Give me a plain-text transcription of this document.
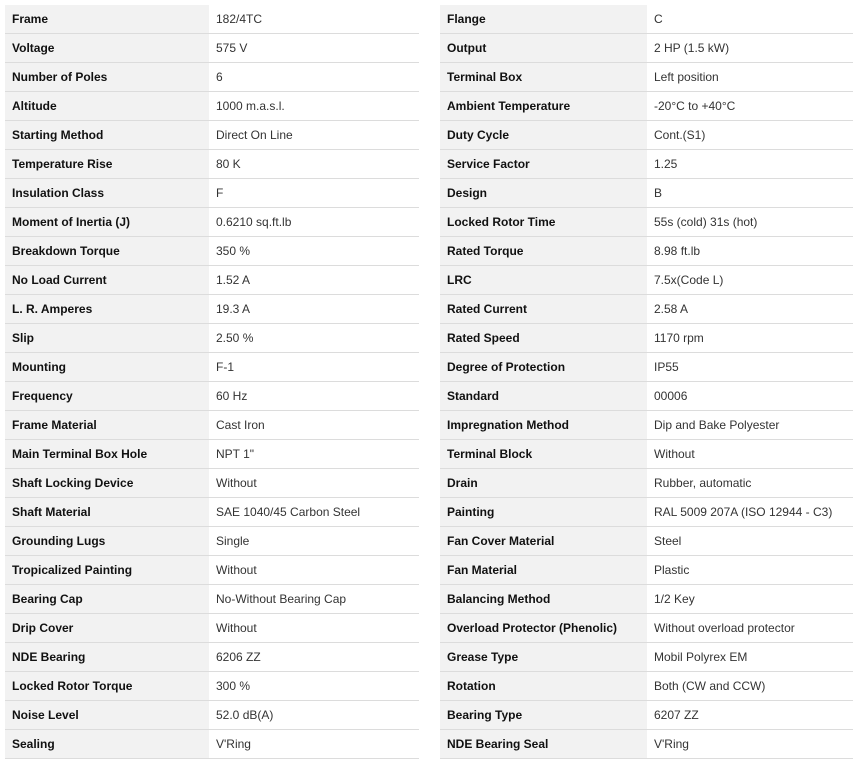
Frame	182/4TC
Voltage	575 V
Number of Poles	6
Altitude	1000 m.a.s.l.
Starting Method	Direct On Line
Temperature Rise	80 K
Insulation Class	F
Moment of Inertia (J)	0.6210 sq.ft.lb
Breakdown Torque	350 %
No Load Current	1.52 A
L. R. Amperes	19.3 A
Slip	2.50 %
Mounting	F-1
Frequency	60 Hz
Frame Material	Cast Iron
Main Terminal Box Hole	NPT 1"
Shaft Locking Device	Without
Shaft Material	SAE 1040/45 Carbon Steel
Grounding Lugs	Single
Tropicalized Painting	Without
Bearing Cap	No-Without Bearing Cap
Drip Cover	Without
NDE Bearing	6206 ZZ
Locked Rotor Torque	300 %
Noise Level	52.0 dB(A)
Sealing	V'Ring
Flange	C
Output	2 HP (1.5 kW)
Terminal Box	Left position
Ambient Temperature	-20°C to +40°C
Duty Cycle	Cont.(S1)
Service Factor	1.25
Design	B
Locked Rotor Time	55s (cold) 31s (hot)
Rated Torque	8.98 ft.lb
LRC	7.5x(Code L)
Rated Current	2.58 A
Rated Speed	1170 rpm
Degree of Protection	IP55
Standard	00006
Impregnation Method	Dip and Bake Polyester
Terminal Block	Without
Drain	Rubber, automatic
Painting	RAL 5009 207A (ISO 12944 - C3)
Fan Cover Material	Steel
Fan Material	Plastic
Balancing Method	1/2 Key
Overload Protector (Phenolic)	Without overload protector
Grease Type	Mobil Polyrex EM
Rotation	Both (CW and CCW)
Bearing Type	6207 ZZ
NDE Bearing Seal	V'Ring
